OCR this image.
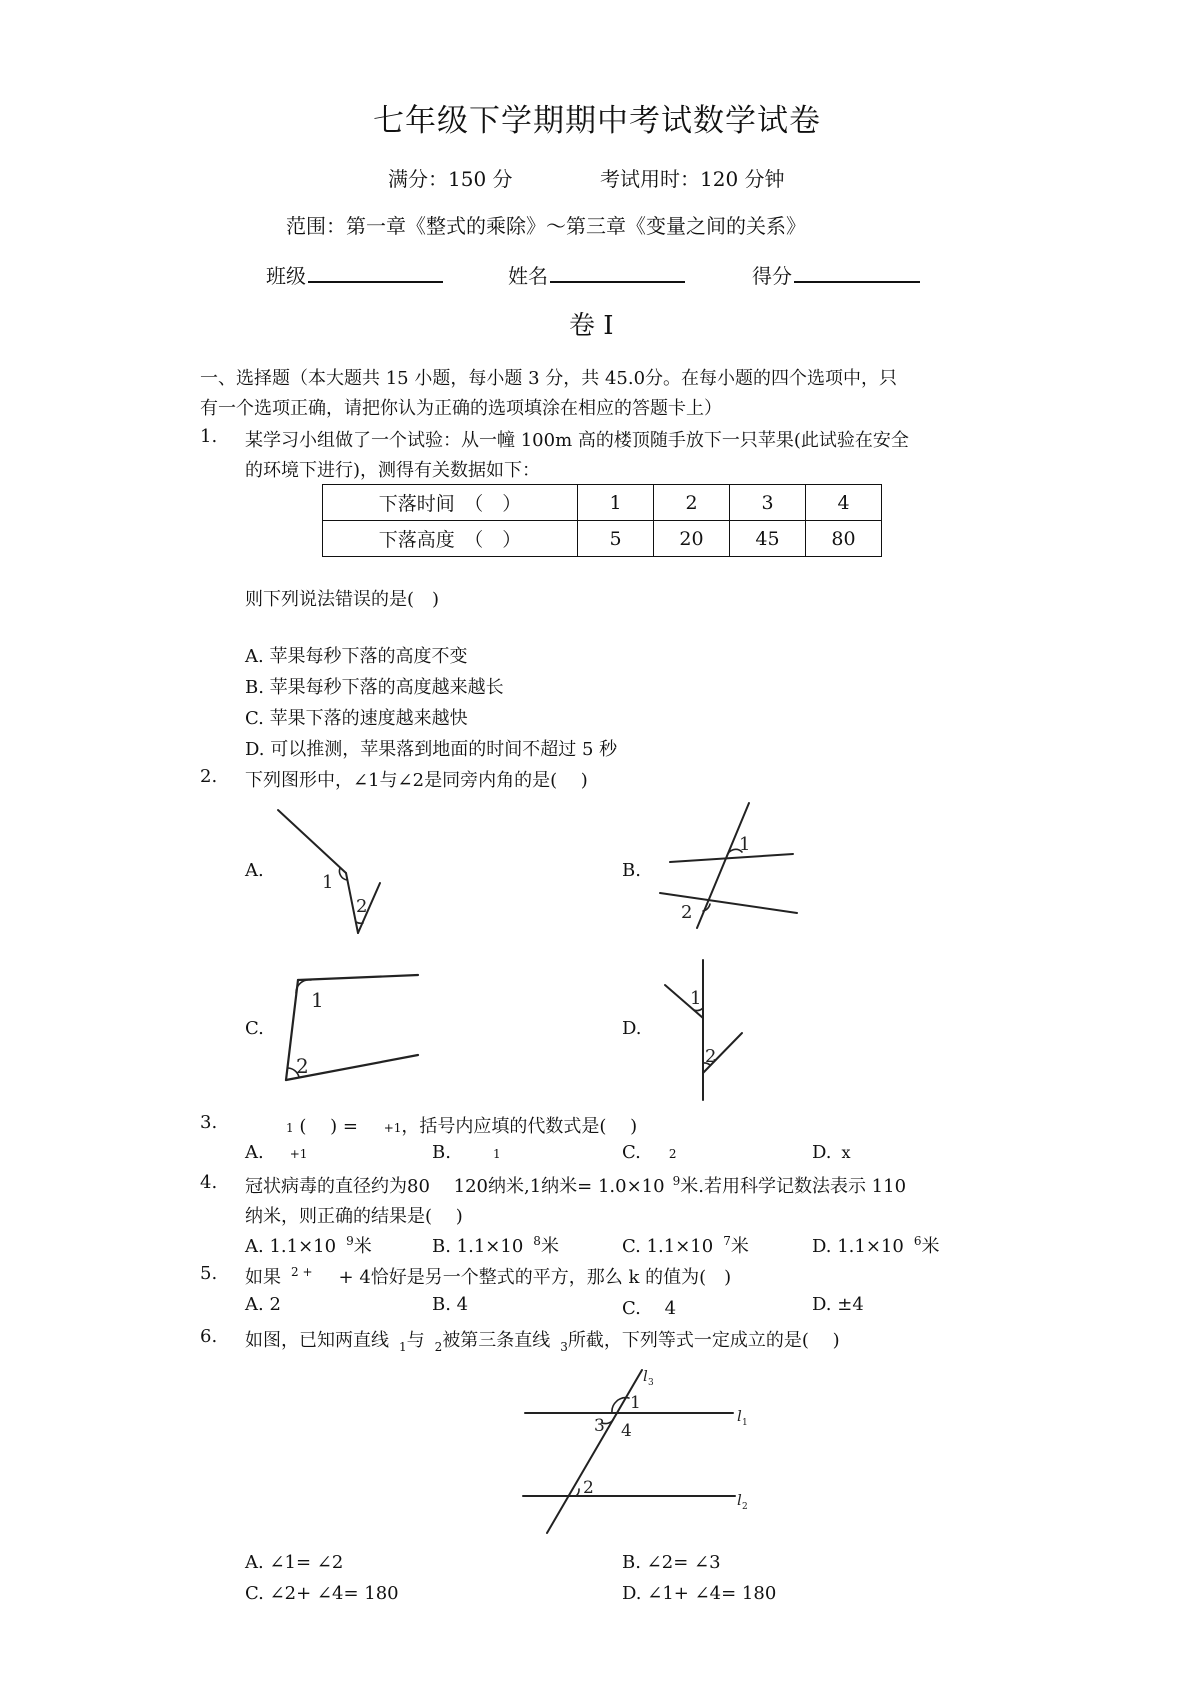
七年级下学期期中考试数学试卷
满分：150 分	考试用时：120 分钟
范围：第一章《整式的乘除》～第三章《变量之间的关系》
班级	姓名	得分
卷 I
一、选择题（本大题共 15 小题，每小题 3 分，共 45.0分。在每小题的四个选项中，只
有一个选项正确，请把你认为正确的选项填涂在相应的答题卡上）
1. 某学习小组做了一个试验：从一幢 100m 高的楼顶随手放下一只苹果(此试验在安全
的环境下进行)，测得有关数据如下：
下落时间　（　）	1	2	3	4
下落高度　（　）	5	20	45	80
则下列说法错误的是(　)
A. 苹果每秒下落的高度不变
B. 苹果每秒下落的高度越来越长
C. 苹果下落的速度越来越快
D. 可以推测，苹果落到地面的时间不超过 5 秒
2. 下列图形中，∠1与∠2是同旁内角的是(　 )
A.
1
2
B.
1
2
C.
1
2
D.
1
2
3.	1 (　 ) = +1，括号内应填的代数式是(　 )
A. +1	B.	1	C. 2	D. x
4. 冠状病毒的直径约为80　 120纳米,1纳米= 1.0×10 $^9$米.若用科学记数法表示 110
纳米，则正确的结果是(　 )
A. 1.1×10 $^9$米	B. 1.1×10 $^8$米	C. 1.1×10 $^7$米	D. 1.1×10 $^6$米
5. 如果 $^{2 +}$ + 4恰好是另一个整式的平方，那么 k 的值为(　)
A. 2	B. 4	C.　 4	D. ±4
6. 如图，已知两直线 $_1$与 $_2$被第三条直线 $_3$所截，下列等式一定成立的是(　 )
l 3
l 1
l 2
1
3 4
2
A. ∠1= ∠2	B. ∠2= ∠3
C. ∠2+ ∠4= 180	D. ∠1+ ∠4= 180
